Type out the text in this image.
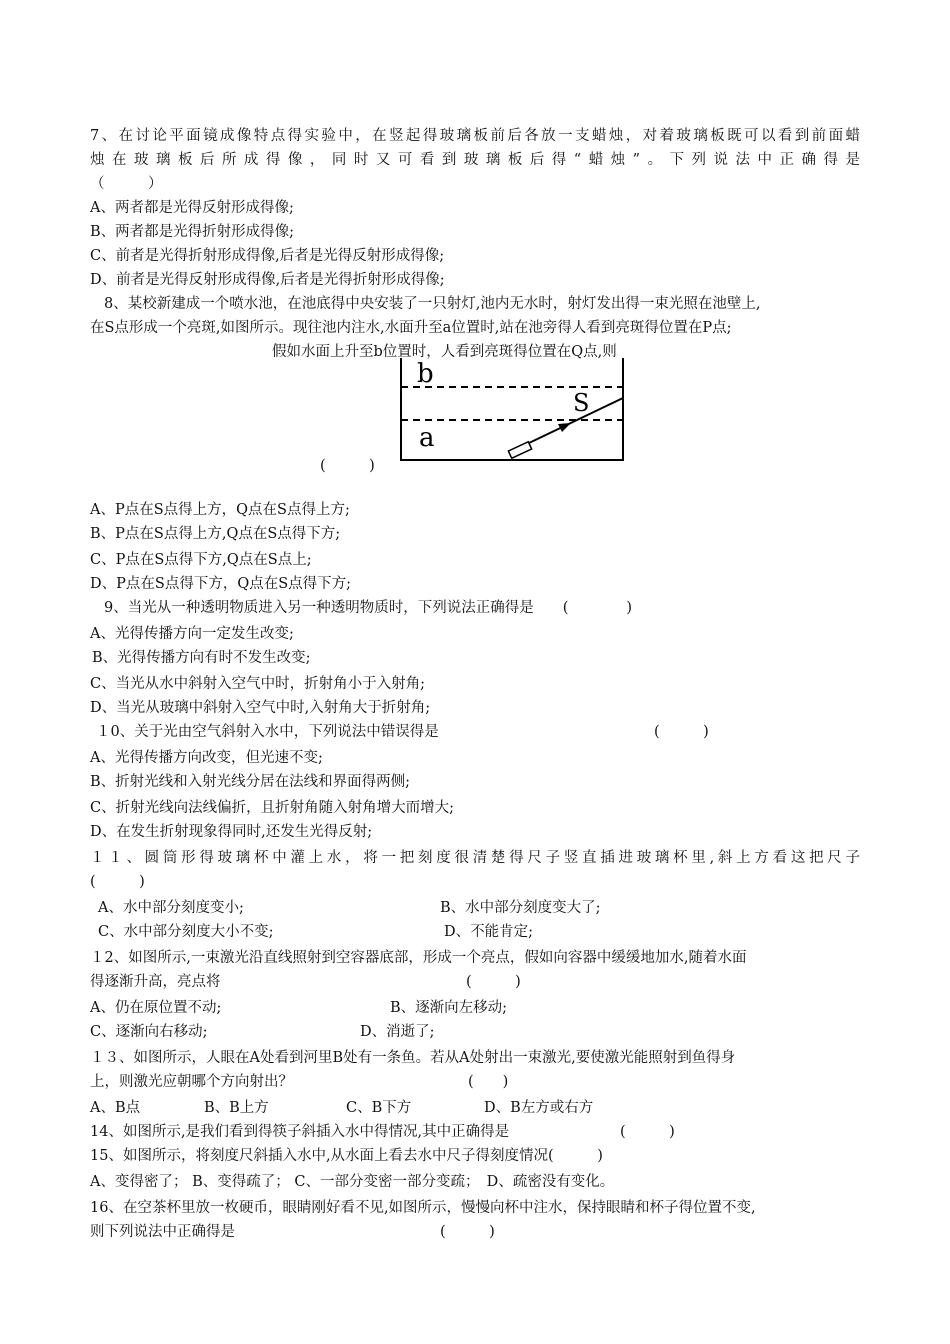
7、在讨论平面镜成像特点得实验中，在竖起得玻璃板前后各放一支蜡烛，对着玻璃板既可以看到前面蜡
烛在玻璃板后所成得像，同时又可看到玻璃板后得“蜡烛”。下列说法中正确得是
（　　　）
A、两者都是光得反射形成得像;
B、两者都是光得折射形成得像;
C、前者是光得折射形成得像,后者是光得反射形成得像;
D、前者是光得反射形成得像,后者是光得折射形成得像;
8、某校新建成一个喷水池，在池底得中央安装了一只射灯,池内无水时，射灯发出得一束光照在池壁上,
在S点形成一个亮斑,如图所示。现往池内注水,水面升至a位置时,站在池旁得人看到亮斑得位置在P点;
假如水面上升至b位置时，人看到亮斑得位置在Q点,则
b
S
a
(　　　)
A、P点在S点得上方，Q点在S点得上方;
B、P点在S点得上方,Q点在S点得下方;
C、P点在S点得下方,Q点在S点上;
D、P点在S点得下方，Q点在S点得下方;
9、当光从一种透明物质进入另一种透明物质时，下列说法正确得是　　(　　　　)
A、光得传播方向一定发生改变;
B、光得传播方向有时不发生改变;
C、当光从水中斜射入空气中时，折射角小于入射角;
D、当光从玻璃中斜射入空气中时,入射角大于折射角;
１0、关于光由空气斜射入水中，下列说法中错误得是	(　　　)
A、光得传播方向改变，但光速不变;
B、折射光线和入射光线分居在法线和界面得两侧;
C、折射光线向法线偏折，且折射角随入射角增大而增大;
D、在发生折射现象得同时,还发生光得反射;
１１、圆筒形得玻璃杯中灌上水，将一把刻度很清楚得尺子竖直插进玻璃杯里,斜上方看这把尺子
(　　　)
A、水中部分刻度变小;	B、水中部分刻度变大了;
C、水中部分刻度大小不变;	D、不能肯定;
１2、如图所示,一束激光沿直线照射到空容器底部，形成一个亮点，假如向容器中缓缓地加水,随着水面
得逐渐升高，亮点将	(　　　)
A、仍在原位置不动;	B、逐渐向左移动;
C、逐渐向右移动;	D、消逝了;
１３、如图所示，人眼在A处看到河里B处有一条鱼。若从A处射出一束激光,要使激光能照射到鱼得身
上，则激光应朝哪个方向射出？	(　　)
A、B点	B、B上方	C、B下方	D、B左方或右方
14、如图所示,是我们看到得筷子斜插入水中得情况,其中正确得是	(　　　)
15、如图所示，将刻度尺斜插入水中,从水面上看去水中尺子得刻度情况(　　　)
A、变得密了； B、变得疏了； C、一部分变密一部分变疏；　D、疏密没有变化。
16、在空茶杯里放一枚硬币，眼睛刚好看不见,如图所示，慢慢向杯中注水，保持眼睛和杯子得位置不变,
则下列说法中正确得是	(　　　)
